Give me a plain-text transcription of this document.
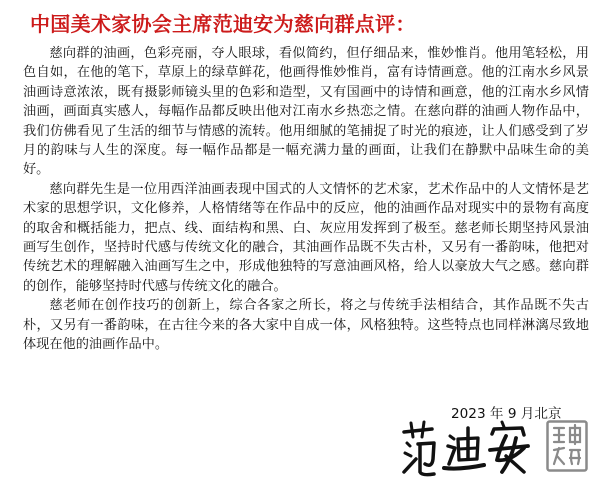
中国美术家协会主席范迪安为慈向群点评：

慈向群的油画，色彩亮丽，夺人眼球，看似简约，但仔细品来，惟妙惟肖。他用笔轻松，用色自如，在他的笔下，草原上的绿草鲜花，他画得惟妙惟肖，富有诗情画意。他的江南水乡风景油画诗意浓浓，既有摄影师镜头里的色彩和造型，又有国画中的诗情和画意，他的江南水乡风情油画，画面真实感人，每幅作品都反映出他对江南水乡热恋之情。在慈向群的油画人物作品中，我们仿佛看见了生活的细节与情感的流转。他用细腻的笔捕捉了时光的痕迹，让人们感受到了岁月的韵味与人生的深度。每一幅作品都是一幅充满力量的画面，让我们在静默中品味生命的美好。

慈向群先生是一位用西洋油画表现中国式的人文情怀的艺术家，艺术作品中的人文情怀是艺术家的思想学识，文化修养，人格情绪等在作品中的反应，他的油画作品对现实中的景物有高度的取舍和概括能力，把点、线、面结构和黑、白、灰应用发挥到了极至。慈老师长期坚持风景油画写生创作，坚持时代感与传统文化的融合，其油画作品既不失古朴，又另有一番韵味，他把对传统艺术的理解融入油画写生之中，形成他独特的写意油画风格，给人以豪放大气之感。慈向群的创作，能够坚持时代感与传统文化的融合。

慈老师在创作技巧的创新上，综合各家之所长，将之与传统手法相结合，其作品既不失古朴，又另有一番韵味，在古往今来的各大家中自成一体，风格独特。这些特点也同样淋漓尽致地体现在他的油画作品中。

2023 年 9 月北京
